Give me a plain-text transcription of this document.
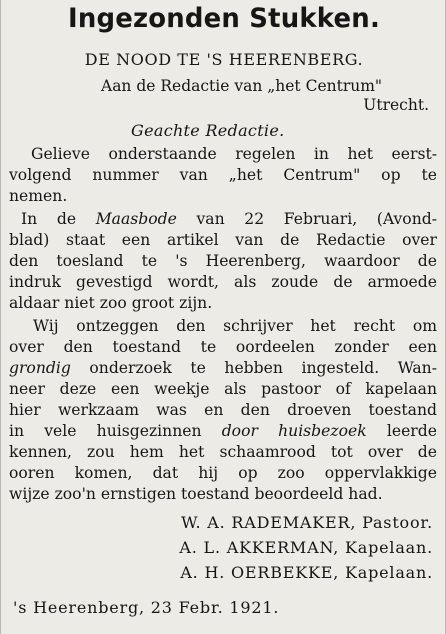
Ingezonden Stukken.
DE NOOD TE 'S HEERENBERG.
Aan de Redactie van „het Centrum"
Utrecht.
Geachte Redactie.
Gelieve onderstaande regelen in het eerst-
volgend nummer van „het Centrum" op te
nemen.
In de Maasbode van 22 Februari, (Avond-
blad) staat een artikel van de Redactie over
den toesland te 's Heerenberg, waardoor de
indruk gevestigd wordt, als zoude de armoede
aldaar niet zoo groot zijn.
Wij ontzeggen den schrijver het recht om
over den toestand te oordeelen zonder een
grondig onderzoek te hebben ingesteld. Wan-
neer deze een weekje als pastoor of kapelaan
hier werkzaam was en den droeven toestand
in vele huisgezinnen door huisbezoek leerde
kennen, zou hem het schaamrood tot over de
ooren komen, dat hij op zoo oppervlakkige
wijze zoo'n ernstigen toestand beoordeeld had.
W. A. RADEMAKER, Pastoor.
A. L. AKKERMAN, Kapelaan.
A. H. OERBEKKE, Kapelaan.
's Heerenberg, 23 Febr. 1921.
